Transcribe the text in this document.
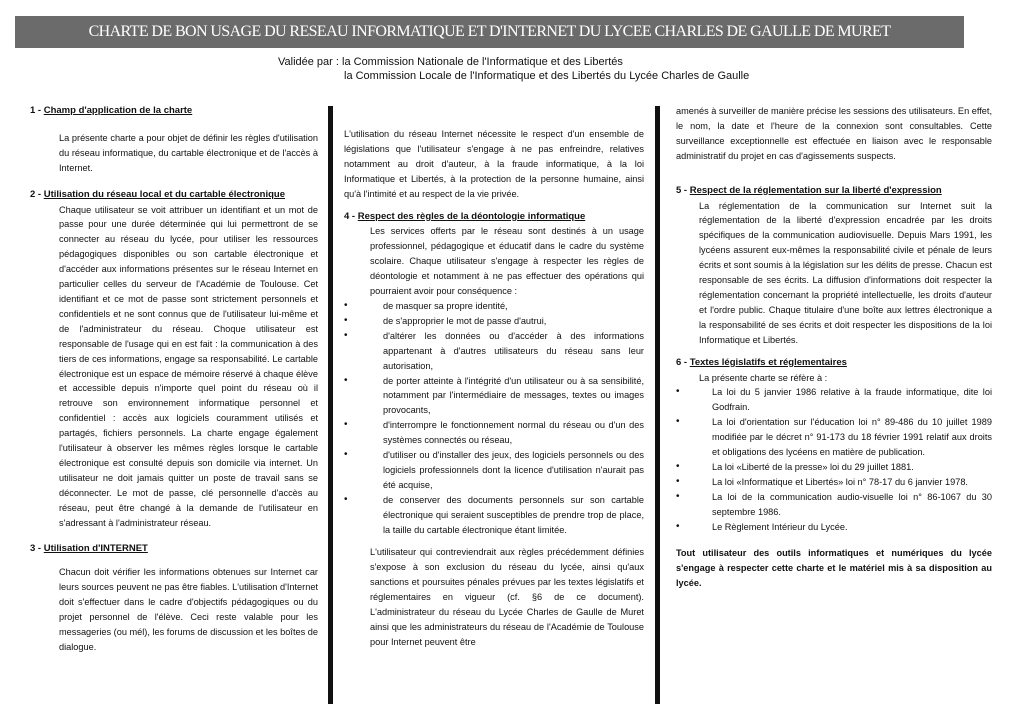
CHARTE DE BON USAGE DU RESEAU INFORMATIQUE ET D'INTERNET DU LYCEE CHARLES DE GAULLE DE MURET
Validée par : la Commission Nationale de l'Informatique et des Libertés
la Commission Locale de l'Informatique et des Libertés du Lycée Charles de Gaulle

1 - Champ d'application de la charte

La présente charte a pour objet de définir les règles d'utilisation du réseau informatique, du cartable électronique et de l'accès à Internet.

2 - Utilisation du réseau local et du cartable électronique

Chaque utilisateur se voit attribuer un identifiant et un mot de passe pour une durée déterminée qui lui permettront de se connecter au réseau du lycée, pour utiliser les ressources pédagogiques disponibles ou son cartable électronique et d'accéder aux informations présentes sur le réseau Internet en particulier celles du serveur de l'Académie de Toulouse. Cet identifiant et ce mot de passe sont strictement personnels et confidentiels et ne sont connus que de l'utilisateur lui-même et de l'administrateur du réseau. Choque utilisateur est responsable de l'usage qui en est fait : la communication à des tiers de ces informations, engage sa responsabilité. Le cartable électronique est un espace de mémoire réservé à chaque élève et accessible depuis n'importe quel point du réseau où il retrouve son environnement informatique personnel et confidentiel : accès aux logiciels couramment utilisés et partagés, fichiers personnels. La charte engage également l'utilisateur à observer les mêmes règles lorsque le cartable électronique est consulté depuis son domicile via internet. Un utilisateur ne doit jamais quitter un poste de travail sans se déconnecter. Le mot de passe, clé personnelle d'accès au réseau, peut être changé à la demande de l'utilisateur en s'adressant à l'administrateur réseau.

3 - Utilisation d'INTERNET

Chacun doit vérifier les informations obtenues sur Internet car leurs sources peuvent ne pas être fiables. L'utilisation d'Internet doit s'effectuer dans le cadre d'objectifs pédagogiques ou du projet personnel de l'élève. Ceci reste valable pour les messageries (ou mél), les forums de discussion et les boîtes de dialogue.

L'utilisation du réseau Internet nécessite le respect d'un ensemble de législations que l'utilisateur s'engage à ne pas enfreindre, relatives notamment au droit d'auteur, à la fraude informatique, à la loi Informatique et Libertés, à la protection de la personne humaine, ainsi qu'à l'intimité et au respect de la vie privée.

4 - Respect des règles de la déontologie informatique

Les services offerts par le réseau sont destinés à un usage professionnel, pédagogique et éducatif dans le cadre du système scolaire. Chaque utilisateur s'engage à respecter les règles de déontologie et notamment à ne pas effectuer des opérations qui pourraient avoir pour conséquence :

• de masquer sa propre identité,
• de s'approprier le mot de passe d'autrui,
• d'altérer les données ou d'accéder à des informations appartenant à d'autres utilisateurs du réseau sans leur autorisation,
• de porter atteinte à l'intégrité d'un utilisateur ou à sa sensibilité, notamment par l'intermédiaire de messages, textes ou images provocants,
• d'interrompre le fonctionnement normal du réseau ou d'un des systèmes connectés ou réseau,
• d'utiliser ou d'installer des jeux, des logiciels personnels ou des logiciels professionnels dont la licence d'utilisation n'aurait pas été acquise,
• de conserver des documents personnels sur son cartable électronique qui seraient susceptibles de prendre trop de place, la taille du cartable électronique étant limitée.

L'utilisateur qui contreviendrait aux règles précédemment définies s'expose à son exclusion du réseau du lycée, ainsi qu'aux sanctions et poursuites pénales prévues par les textes législatifs et réglementaires en vigueur (cf. §6 de ce document). L'administrateur du réseau du Lycée Charles de Gaulle de Muret ainsi que les administrateurs du réseau de l'Académie de Toulouse pour Internet peuvent être

amenés à surveiller de manière précise les sessions des utilisateurs. En effet, le nom, la date et l'heure de la connexion sont consultables. Cette surveillance exceptionnelle est effectuée en liaison avec le responsable administratif du projet en cas d'agissements suspects.

5 - Respect de la réglementation sur la liberté d'expression

La réglementation de la communication sur Internet suit la réglementation de la liberté d'expression encadrée par les droits spécifiques de la communication audiovisuelle. Depuis Mars 1991, les lycéens assurent eux-mêmes la responsabilité civile et pénale de leurs écrits et sont soumis à la législation sur les délits de presse. Chacun est responsable de ses écrits. La diffusion d'informations doit respecter la réglementation concernant la propriété intellectuelle, les droits d'auteur et l'ordre public. Chaque titulaire d'une boîte aux lettres électronique a la responsabilité de ses écrits et doit respecter les dispositions de la loi Informatique et Libertés.

6 - Textes législatifs et réglementaires

La présente charte se réfère à :

• La loi du 5 janvier 1986 relative à la fraude informatique, dite loi Godfrain.
• La loi d'orientation sur l'éducation loi n° 89-486 du 10 juillet 1989 modifiée par le décret n° 91-173 du 18 février 1991 relatif aux droits et obligations des lycéens en matière de publication.
• La loi «Liberté de la presse» loi du 29 juillet 1881.
• La loi «Informatique et Libertés» loi n° 78-17 du 6 janvier 1978.
• La loi de la communication audio-visuelle loi n° 86-1067 du 30 septembre 1986.
• Le Règlement Intérieur du Lycée.

Tout utilisateur des outils informatiques et numériques du lycée s'engage à respecter cette charte et le matériel mis à sa disposition au lycée.
